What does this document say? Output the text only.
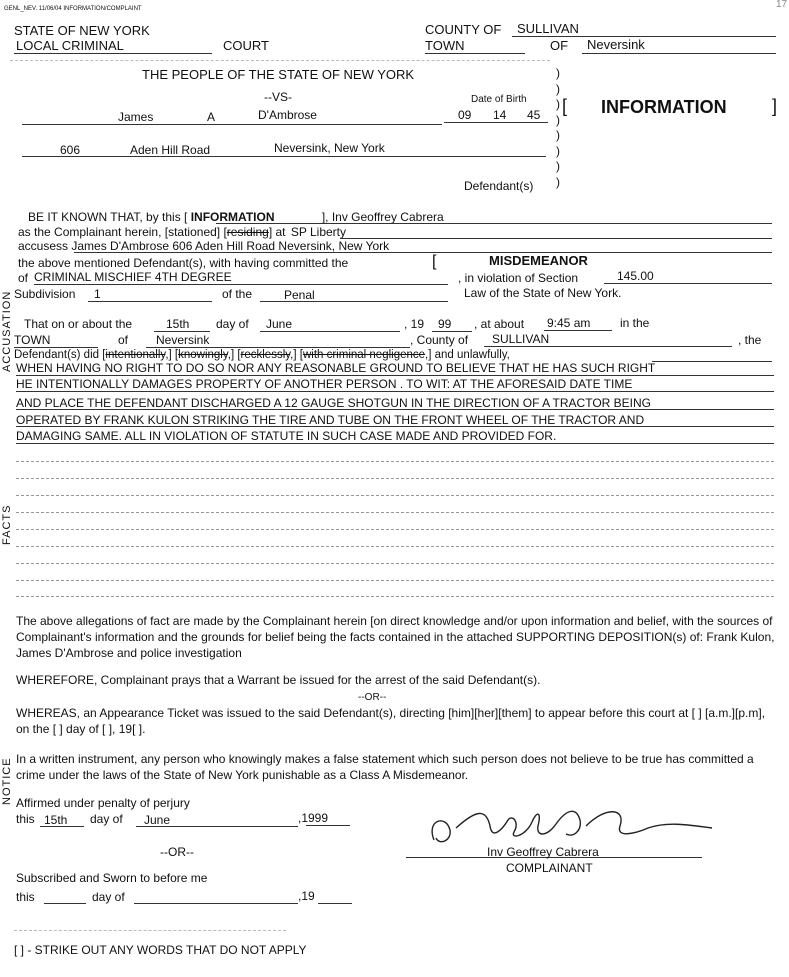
GENL_NEV. 11/06/04 INFORMATION/COMPLAINT	17
STATE OF NEW YORK
LOCAL CRIMINAL	COURT
COUNTY OF SULLIVAN
TOWN	OF Neversink
THE PEOPLE OF THE STATE OF NEW YORK
--VS-	Date of Birth
James	A	D'Ambrose	09 14 45 [ INFORMATION	]
606	Aden Hill Road	Neversink, New York
Defendant(s)
)
)
)
)
)
)
)
)
ACCUSATION
BE IT KNOWN THAT, by this [ INFORMATION	], Inv Geoffrey Cabrera
as the Complainant herein, [stationed] [residing] at SP Liberty
accusess James D'Ambrose 606 Aden Hill Road Neversink, New York
the above mentioned Defendant(s), with having committed the	[	MISDEMEANOR
of CRIMINAL MISCHIEF 4TH DEGREE	, in violation of Section	145.00
Subdivision 1	of the	Penal	Law of the State of New York.
That on or about the	15th day of June	, 19 99 , at about 9:45 am in the
TOWN	of Neversink	, County of SULLIVAN	, the
Defendant(s) did [intentionally,] [knowingly,] [recklessly,] [with criminal negligence,] and unlawfully,
WHEN HAVING NO RIGHT TO DO SO NOR ANY REASONABLE GROUND TO BELIEVE THAT HE HAS SUCH RIGHT
HE INTENTIONALLY DAMAGES PROPERTY OF ANOTHER PERSON . TO WIT: AT THE AFORESAID DATE TIME
AND PLACE THE DEFENDANT DISCHARGED A 12 GAUGE SHOTGUN IN THE DIRECTION OF A TRACTOR BEING
OPERATED BY FRANK KULON STRIKING THE TIRE AND TUBE ON THE FRONT WHEEL OF THE TRACTOR AND
DAMAGING SAME. ALL IN VIOLATION OF STATUTE IN SUCH CASE MADE AND PROVIDED FOR.
FACTS
The above allegations of fact are made by the Complainant herein [on direct knowledge and/or upon information and belief, with the sources of Complainant's information and the grounds for belief being the facts contained in the attached SUPPORTING DEPOSITION(s) of: Frank Kulon, James D'Ambrose and police investigation
WHEREFORE, Complainant prays that a Warrant be issued for the arrest of the said Defendant(s).
--OR--
WHEREAS, an Appearance Ticket was issued to the said Defendant(s), directing [him][her][them] to appear before this court at [ ] [a.m.][p.m], on the [ ] day of [ ], 19[ ].
NOTICE In a written instrument, any person who knowingly makes a false statement which such person does not believe to be true has committed a crime under the laws of the State of New York punishable as a Class A Misdemeanor.
Affirmed under penalty of perjury
this 15th day of June	,1999
--OR--
Subscribed and Sworn to before me
this	day of	,19
Inv Geoffrey Cabrera
COMPLAINANT
[ ] - STRIKE OUT ANY WORDS THAT DO NOT APPLY
